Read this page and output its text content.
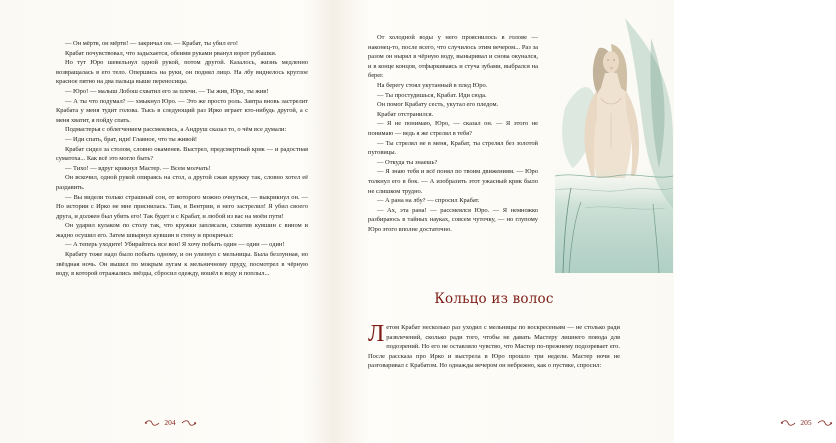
— Он мёртв, он мёртв! — закричал он. — Крабат, ты убил его!

Крабат почувствовал, что задыхается, обеими руками рванул ворот рубашки.

Но тут Юро шевельнул одной рукой, потом другой. Казалось, жизнь медленно возвращалась в его тело. Опершись на руки, он поднял лицо. На лбу виднелось круглое красное пятно на два пальца выше переносицы.

— Юро! — малыш Лобош схватил его за плечи. — Ты жив, Юро, ты жив!

— А ты что подумал? — хмыкнул Юро. — Это же просто роль. Завтра вновь застрелит Крабата у меня тудит голова. Тысь в следующий раз Ирко играет кто-нибудь другой, а с меня хватит, я пойду спать.

Подмастерья с облегчением рассмеялись, а Андруш сказал то, о чём все думали:

— Иди спать, брат, иди! Главное, что ты живой!

Крабат сидел за столом, словно окаменев. Выстрел, предсмертный крик — и радостная суматоха... Как всё это могло быть?

— Тихо! — вдруг крикнул Мастер. — Всем молчать!

Он вскочил, одной рукой опираясь на стол, а другой сжав кружку так, словно хотел её раздавить.

— Вы видели только страшный сон, от которого можно очнуться, — выкрикнул он. — Но истории с Ирко не мне приснилась. Там, в Вентрии, в него застрелил! Я убил своего друга, и должен был убить его! Так будет и с Крабат, и любой из вас на моём пути!

Он ударил кулаком по столу так, что кружки заплясали, схватив кувшин с вином и жадно осушил его. Затем швырнул кувшин в стену и прокричал:

— А теперь уходите! Убирайтесь все вон! Я хочу побыть один — один — один!

Крабату тоже надо было побыть одному, и он улизнул с мельницы. Была безлунная, но звёздная ночь. Он вышел по мокрым лугам к мельничному пруду, посмотрел в чёрную воду, в которой отражались звёзды, сбросил одежду, вошёл в воду и поплыл...

204

От холодной воды у него прояснилось в голове — наконец-то, после всего, что случилось этим вечером... Раз за разом он нырял в чёрную воду, выныривал и снова окунался, и в конце концов, отфыркиваясь и стуча зубами, выбрался на берег.

На берегу стоял укутанный в плед Юро.

— Ты простудишься, Крабат. Иди сюда.

Он помог Крабату сесть, укутал его пледом.

Крабат отстранился.

— Я не понимаю, Юро, — сказал он. — Я этого не понимаю — ведь я же стрелял в тебя?

— Ты стрелял не в меня, Крабат, ты стрелял без золотой пуговицы.

— Откуда ты знаешь?

— Я знаю тебя и всё понял по твоим движениям. — Юро толкнул его в бок. — А изобразить этот ужасный крик было не слишком трудно.

— А рана на лбу? — спросил Крабат.

— Ах, эта рана! — рассмеялся Юро. — Я немножко разбираюсь в тайных науках, совсем чуточку, — но глупому Юро этого вполне достаточно.

Кольцо из волос

Летом Крабат несколько раз уходил с мельницы по воскресеньям — не столько ради развлечений, сколько ради того, чтобы не давать Мастеру лишнего повода для подозрений. Но его не оставляло чувство, что Мастер по-прежнему подозревает его. После рассказа про Ирко и выстрела в Юро прошло три недели. Мастер ночи не разговаривал с Крабатом. Но однажды вечером он небрежно, как о пустяке, спросил:

205
